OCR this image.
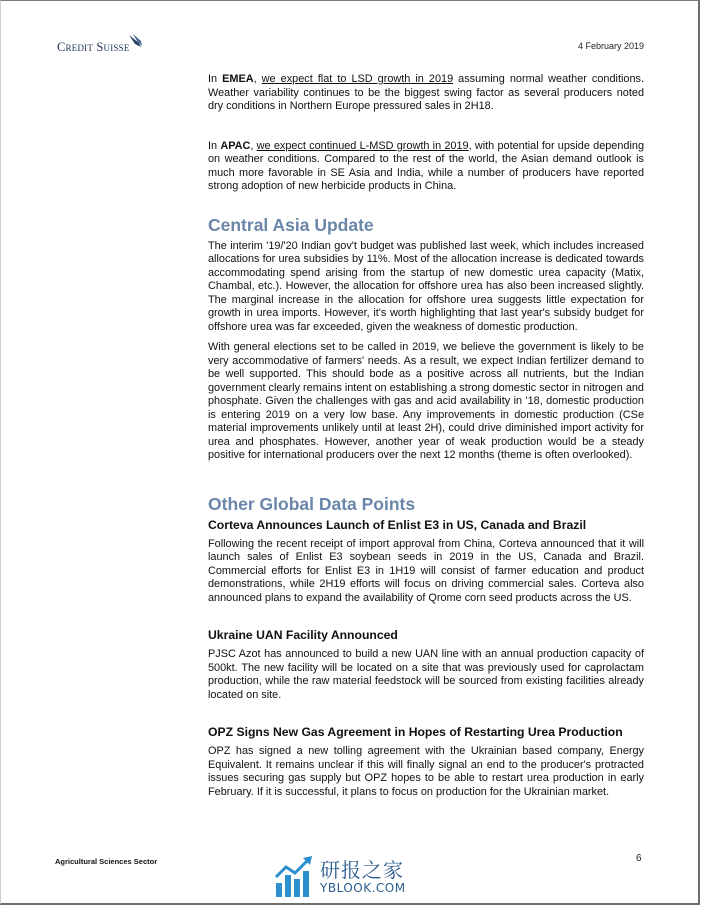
Credit Suisse	4 February 2019

In EMEA, we expect flat to LSD growth in 2019 assuming normal weather conditions. Weather variability continues to be the biggest swing factor as several producers noted dry conditions in Northern Europe pressured sales in 2H18.

In APAC, we expect continued L-MSD growth in 2019, with potential for upside depending on weather conditions. Compared to the rest of the world, the Asian demand outlook is much more favorable in SE Asia and India, while a number of producers have reported strong adoption of new herbicide products in China.

Central Asia Update

The interim '19/'20 Indian gov't budget was published last week, which includes increased allocations for urea subsidies by 11%. Most of the allocation increase is dedicated towards accommodating spend arising from the startup of new domestic urea capacity (Matix, Chambal, etc.). However, the allocation for offshore urea has also been increased slightly. The marginal increase in the allocation for offshore urea suggests little expectation for growth in urea imports. However, it's worth highlighting that last year's subsidy budget for offshore urea was far exceeded, given the weakness of domestic production.

With general elections set to be called in 2019, we believe the government is likely to be very accommodative of farmers' needs. As a result, we expect Indian fertilizer demand to be well supported. This should bode as a positive across all nutrients, but the Indian government clearly remains intent on establishing a strong domestic sector in nitrogen and phosphate. Given the challenges with gas and acid availability in '18, domestic production is entering 2019 on a very low base. Any improvements in domestic production (CSe material improvements unlikely until at least 2H), could drive diminished import activity for urea and phosphates. However, another year of weak production would be a steady positive for international producers over the next 12 months (theme is often overlooked).

Other Global Data Points
Corteva Announces Launch of Enlist E3 in US, Canada and Brazil

Following the recent receipt of import approval from China, Corteva announced that it will launch sales of Enlist E3 soybean seeds in 2019 in the US, Canada and Brazil. Commercial efforts for Enlist E3 in 1H19 will consist of farmer education and product demonstrations, while 2H19 efforts will focus on driving commercial sales. Corteva also announced plans to expand the availability of Qrome corn seed products across the US.

Ukraine UAN Facility Announced

PJSC Azot has announced to build a new UAN line with an annual production capacity of 500kt. The new facility will be located on a site that was previously used for caprolactam production, while the raw material feedstock will be sourced from existing facilities already located on site.

OPZ Signs New Gas Agreement in Hopes of Restarting Urea Production

OPZ has signed a new tolling agreement with the Ukrainian based company, Energy Equivalent. It remains unclear if this will finally signal an end to the producer's protracted issues securing gas supply but OPZ hopes to be able to restart urea production in early February. If it is successful, it plans to focus on production for the Ukrainian market.

Agricultural Sciences Sector	研报之家
YBLOOK.COM
6
